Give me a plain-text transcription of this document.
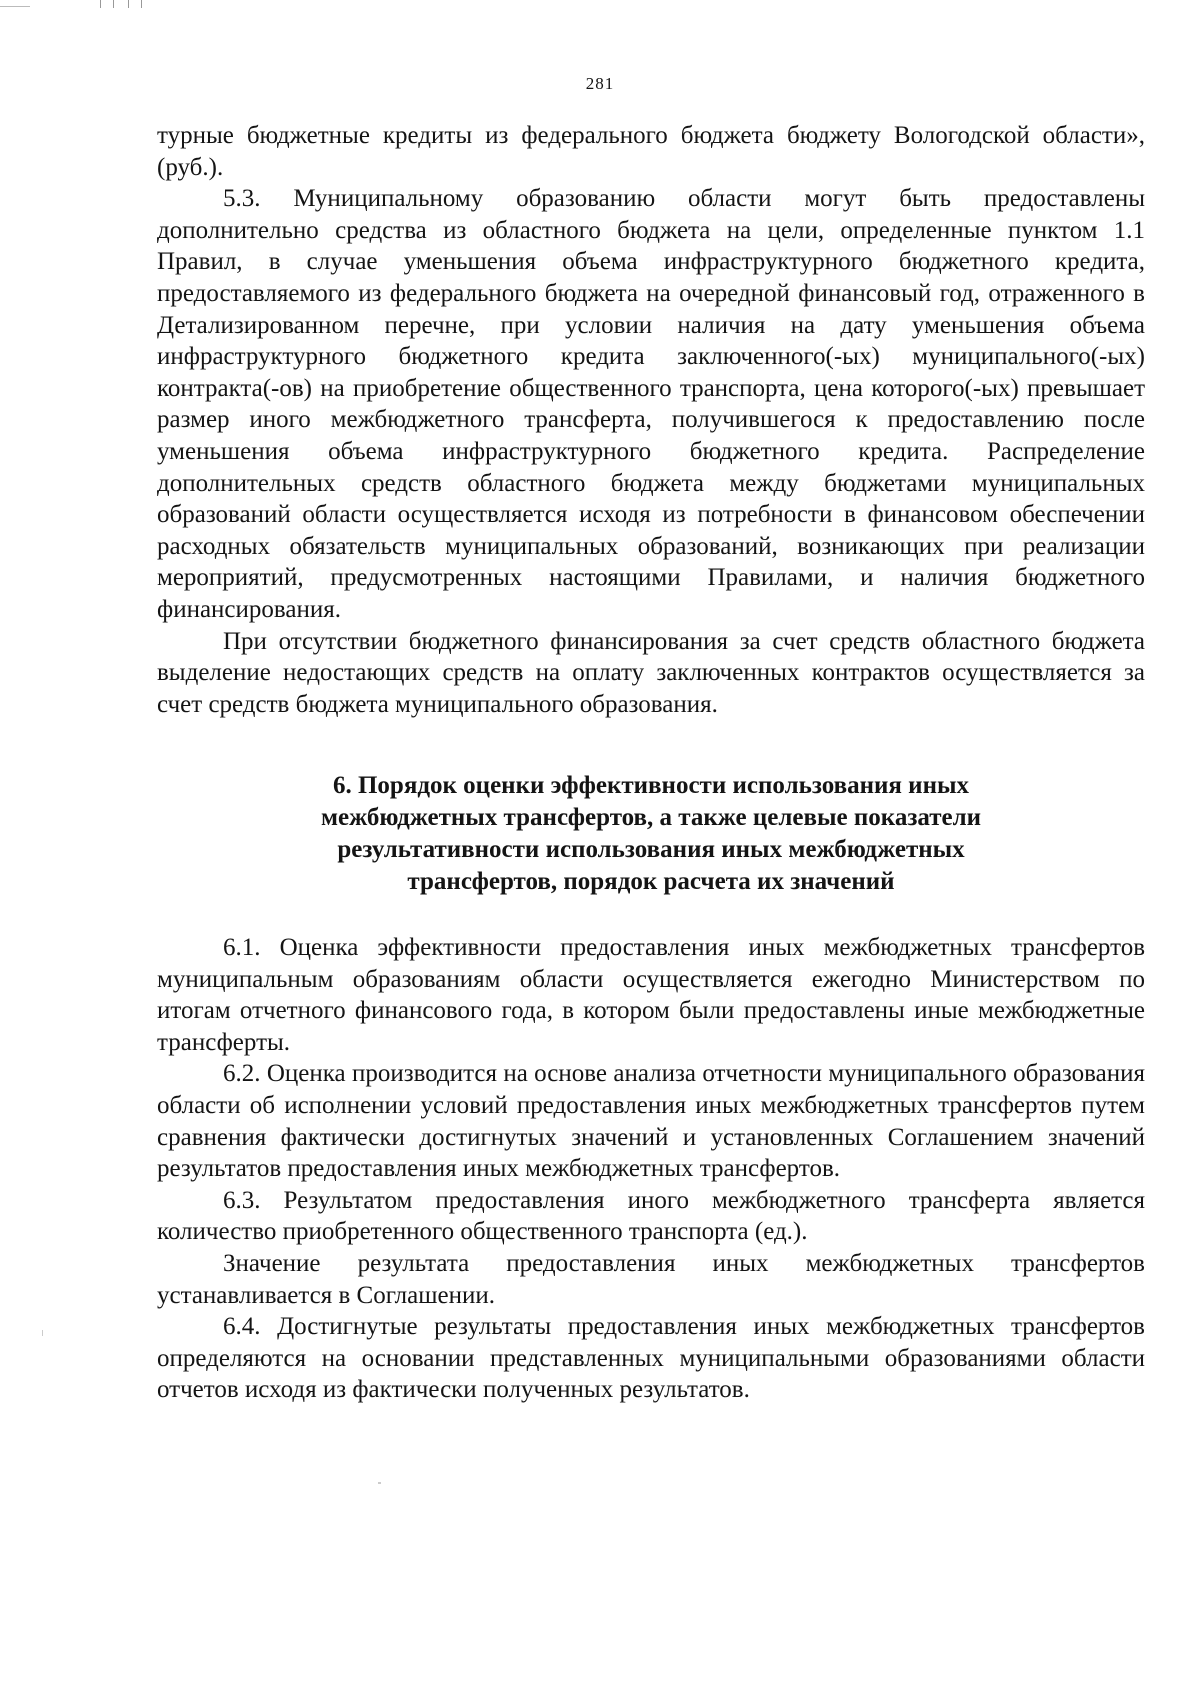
281

турные бюджетные кредиты из федерального бюджета бюджету Вологодской области», (руб.).

5.3. Муниципальному образованию области могут быть предоставлены дополнительно средства из областного бюджета на цели, определенные пунктом 1.1 Правил, в случае уменьшения объема инфраструктурного бюджетного кредита, предоставляемого из федерального бюджета на очередной финансовый год, отраженного в Детализированном перечне, при условии наличия на дату уменьшения объема инфраструктурного бюджетного кредита заключенного(-ых) муниципального(-ых) контракта(-ов) на приобретение общественного транспорта, цена которого(-ых) превышает размер иного межбюджетного трансферта, получившегося к предоставлению после уменьшения объема инфраструктурного бюджетного кредита. Распределение дополнительных средств областного бюджета между бюджетами муниципальных образований области осуществляется исходя из потребности в финансовом обеспечении расходных обязательств муниципальных образований, возникающих при реализации мероприятий, предусмотренных настоящими Правилами, и наличия бюджетного финансирования.

При отсутствии бюджетного финансирования за счет средств областного бюджета выделение недостающих средств на оплату заключенных контрактов осуществляется за счет средств бюджета муниципального образования.

6. Порядок оценки эффективности использования иных
межбюджетных трансфертов, а также целевые показатели
результативности использования иных межбюджетных
трансфертов, порядок расчета их значений

6.1. Оценка эффективности предоставления иных межбюджетных трансфертов муниципальным образованиям области осуществляется ежегодно Министерством по итогам отчетного финансового года, в котором были предоставлены иные межбюджетные трансферты.

6.2. Оценка производится на основе анализа отчетности муниципального образования области об исполнении условий предоставления иных межбюджетных трансфертов путем сравнения фактически достигнутых значений и установленных Соглашением значений результатов предоставления иных межбюджетных трансфертов.

6.3. Результатом предоставления иного межбюджетного трансферта является количество приобретенного общественного транспорта (ед.).

Значение результата предоставления иных межбюджетных трансфертов устанавливается в Соглашении.

6.4. Достигнутые результаты предоставления иных межбюджетных трансфертов определяются на основании представленных муниципальными образованиями области отчетов исходя из фактически полученных результатов.
